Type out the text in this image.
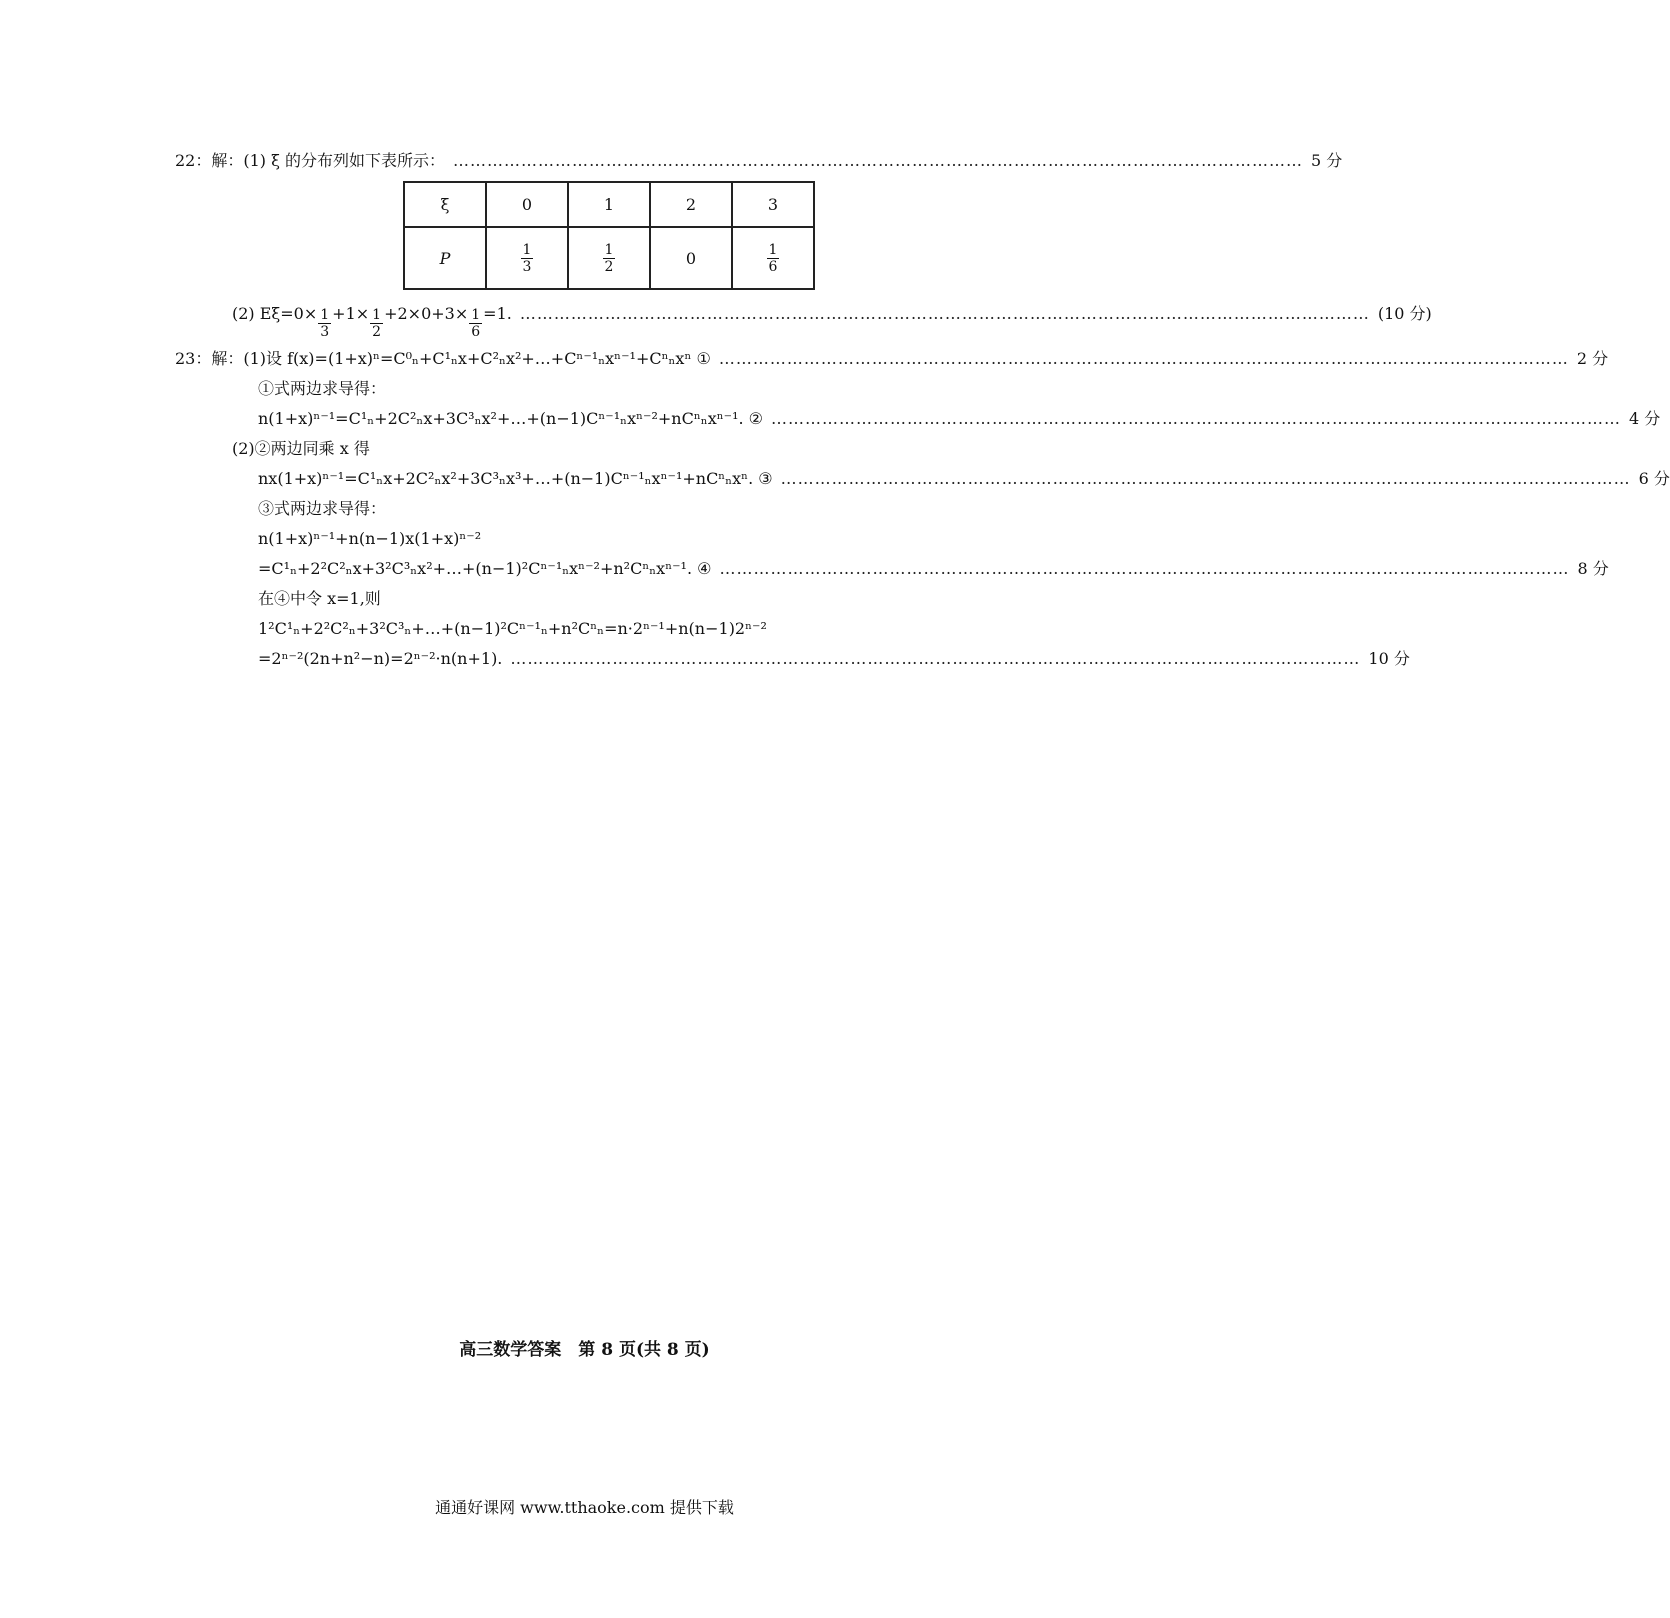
22：解：(1) ξ 的分布列如下表所示： …………………………………………………………………………………………………………………………………… 5 分
ξ	0	1	2	3
P	$\frac{1}{3}$	$\frac{1}{2}$	0	$\frac{1}{6}$
(2) $E\xi=0\times \frac{1}{3} +1\times \frac{1}{2} +2\times 0+3\times \frac{1}{6} =1$. …………………………………………………………………………………………………………………………………… (10 分)
23：解：(1)设 f(x)=(1+x)ⁿ=C⁰ₙ+C¹ₙx+C²ₙx²+…+Cⁿ⁻¹ₙxⁿ⁻¹+Cⁿₙxⁿ ① …………………………………………………………………………………………………………………………………… 2 分
①式两边求导得：
n(1+x)ⁿ⁻¹=C¹ₙ+2C²ₙx+3C³ₙx²+…+(n−1)Cⁿ⁻¹ₙxⁿ⁻²+nCⁿₙxⁿ⁻¹. ② …………………………………………………………………………………………………………………………………… 4 分
(2)②两边同乘 x 得
nx(1+x)ⁿ⁻¹=C¹ₙx+2C²ₙx²+3C³ₙx³+…+(n−1)Cⁿ⁻¹ₙxⁿ⁻¹+nCⁿₙxⁿ. ③ …………………………………………………………………………………………………………………………………… 6 分
③式两边求导得：
n(1+x)ⁿ⁻¹+n(n−1)x(1+x)ⁿ⁻²
=C¹ₙ+2²C²ₙx+3²C³ₙx²+…+(n−1)²Cⁿ⁻¹ₙxⁿ⁻²+n²Cⁿₙxⁿ⁻¹. ④ …………………………………………………………………………………………………………………………………… 8 分
在④中令 x=1,则
1²C¹ₙ+2²C²ₙ+3²C³ₙ+…+(n−1)²Cⁿ⁻¹ₙ+n²Cⁿₙ=n·2ⁿ⁻¹+n(n−1)2ⁿ⁻²
=2ⁿ⁻²(2n+n²−n)=2ⁿ⁻²·n(n+1). …………………………………………………………………………………………………………………………………… 10 分
高三数学答案　第 8 页(共 8 页)
通通好课网 www.tthaoke.com 提供下载
